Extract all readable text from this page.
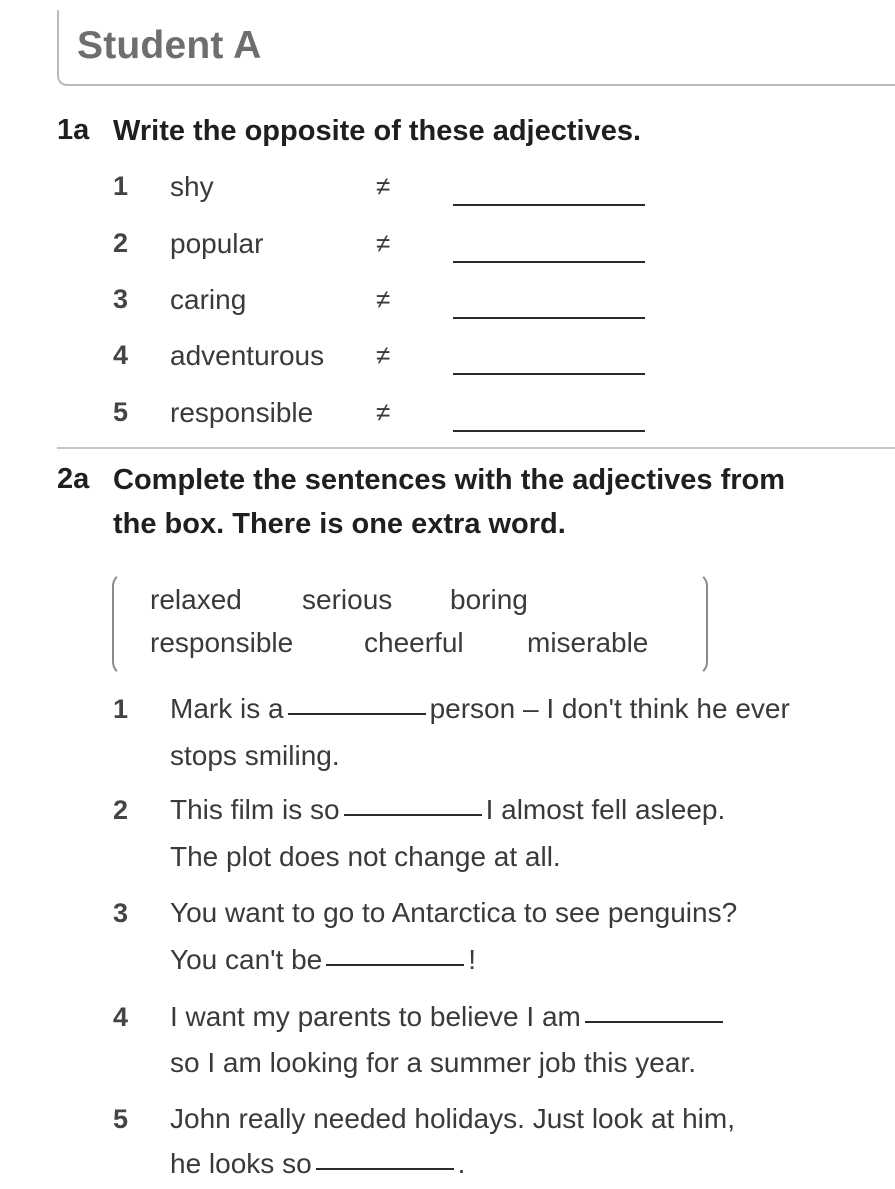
Student A
1a Write the opposite of these adjectives.
1 shy	≠
2 popular	≠
3 caring	≠
4 adventurous ≠
5 responsible ≠
2a Complete the sentences with the adjectives from
the box. There is one extra word.
relaxed serious boring
responsible	cheerful miserable
1 Mark is a	person – I don't think he ever
stops smiling.
2 This film is so	I almost fell asleep.
The plot does not change at all.
3 You want to go to Antarctica to see penguins?
You can't be	!
4 I want my parents to believe I am
so I am looking for a summer job this year.
5 John really needed holidays. Just look at him,
he looks so	.
